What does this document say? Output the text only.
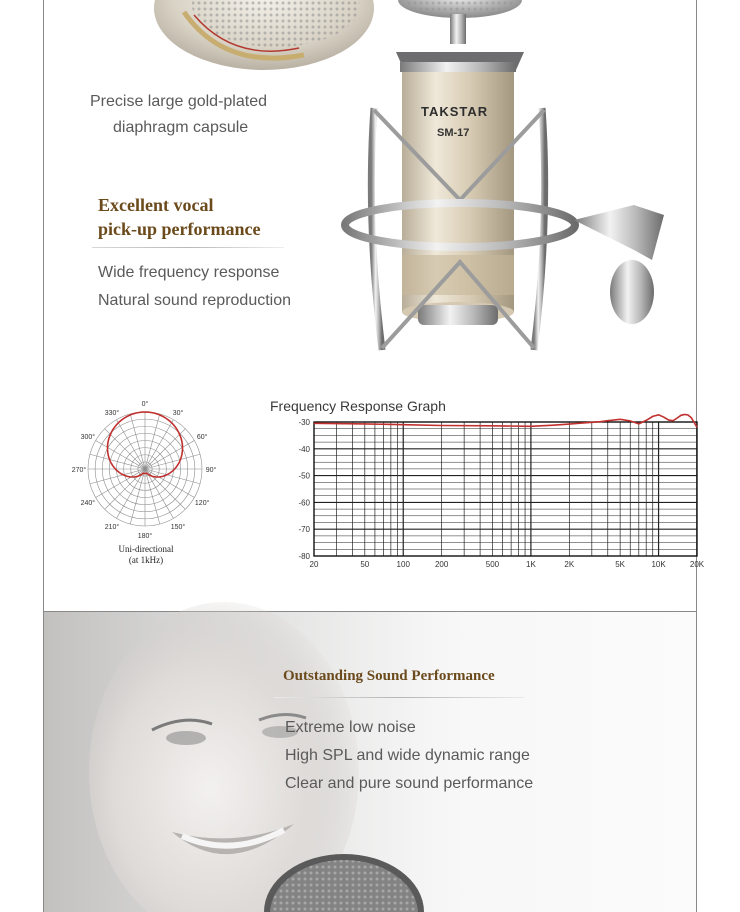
Precise large gold-plated
diaphragm capsule
Excellent vocal
pick-up performance
Wide frequency response
Natural sound reproduction
TAKSTAR
SM-17
0°
30°
60°
90°
120°
150°
180°
210°
240°
270°
300°
330°
Uni-directional
(at 1kHz)
Frequency Response Graph
-30
-40
-50
-60
-70
-80
20	50	100	200	500	1K	2K	5K	10K	20K
Outstanding Sound Performance
Extreme low noise
High SPL and wide dynamic range
Clear and pure sound performance
